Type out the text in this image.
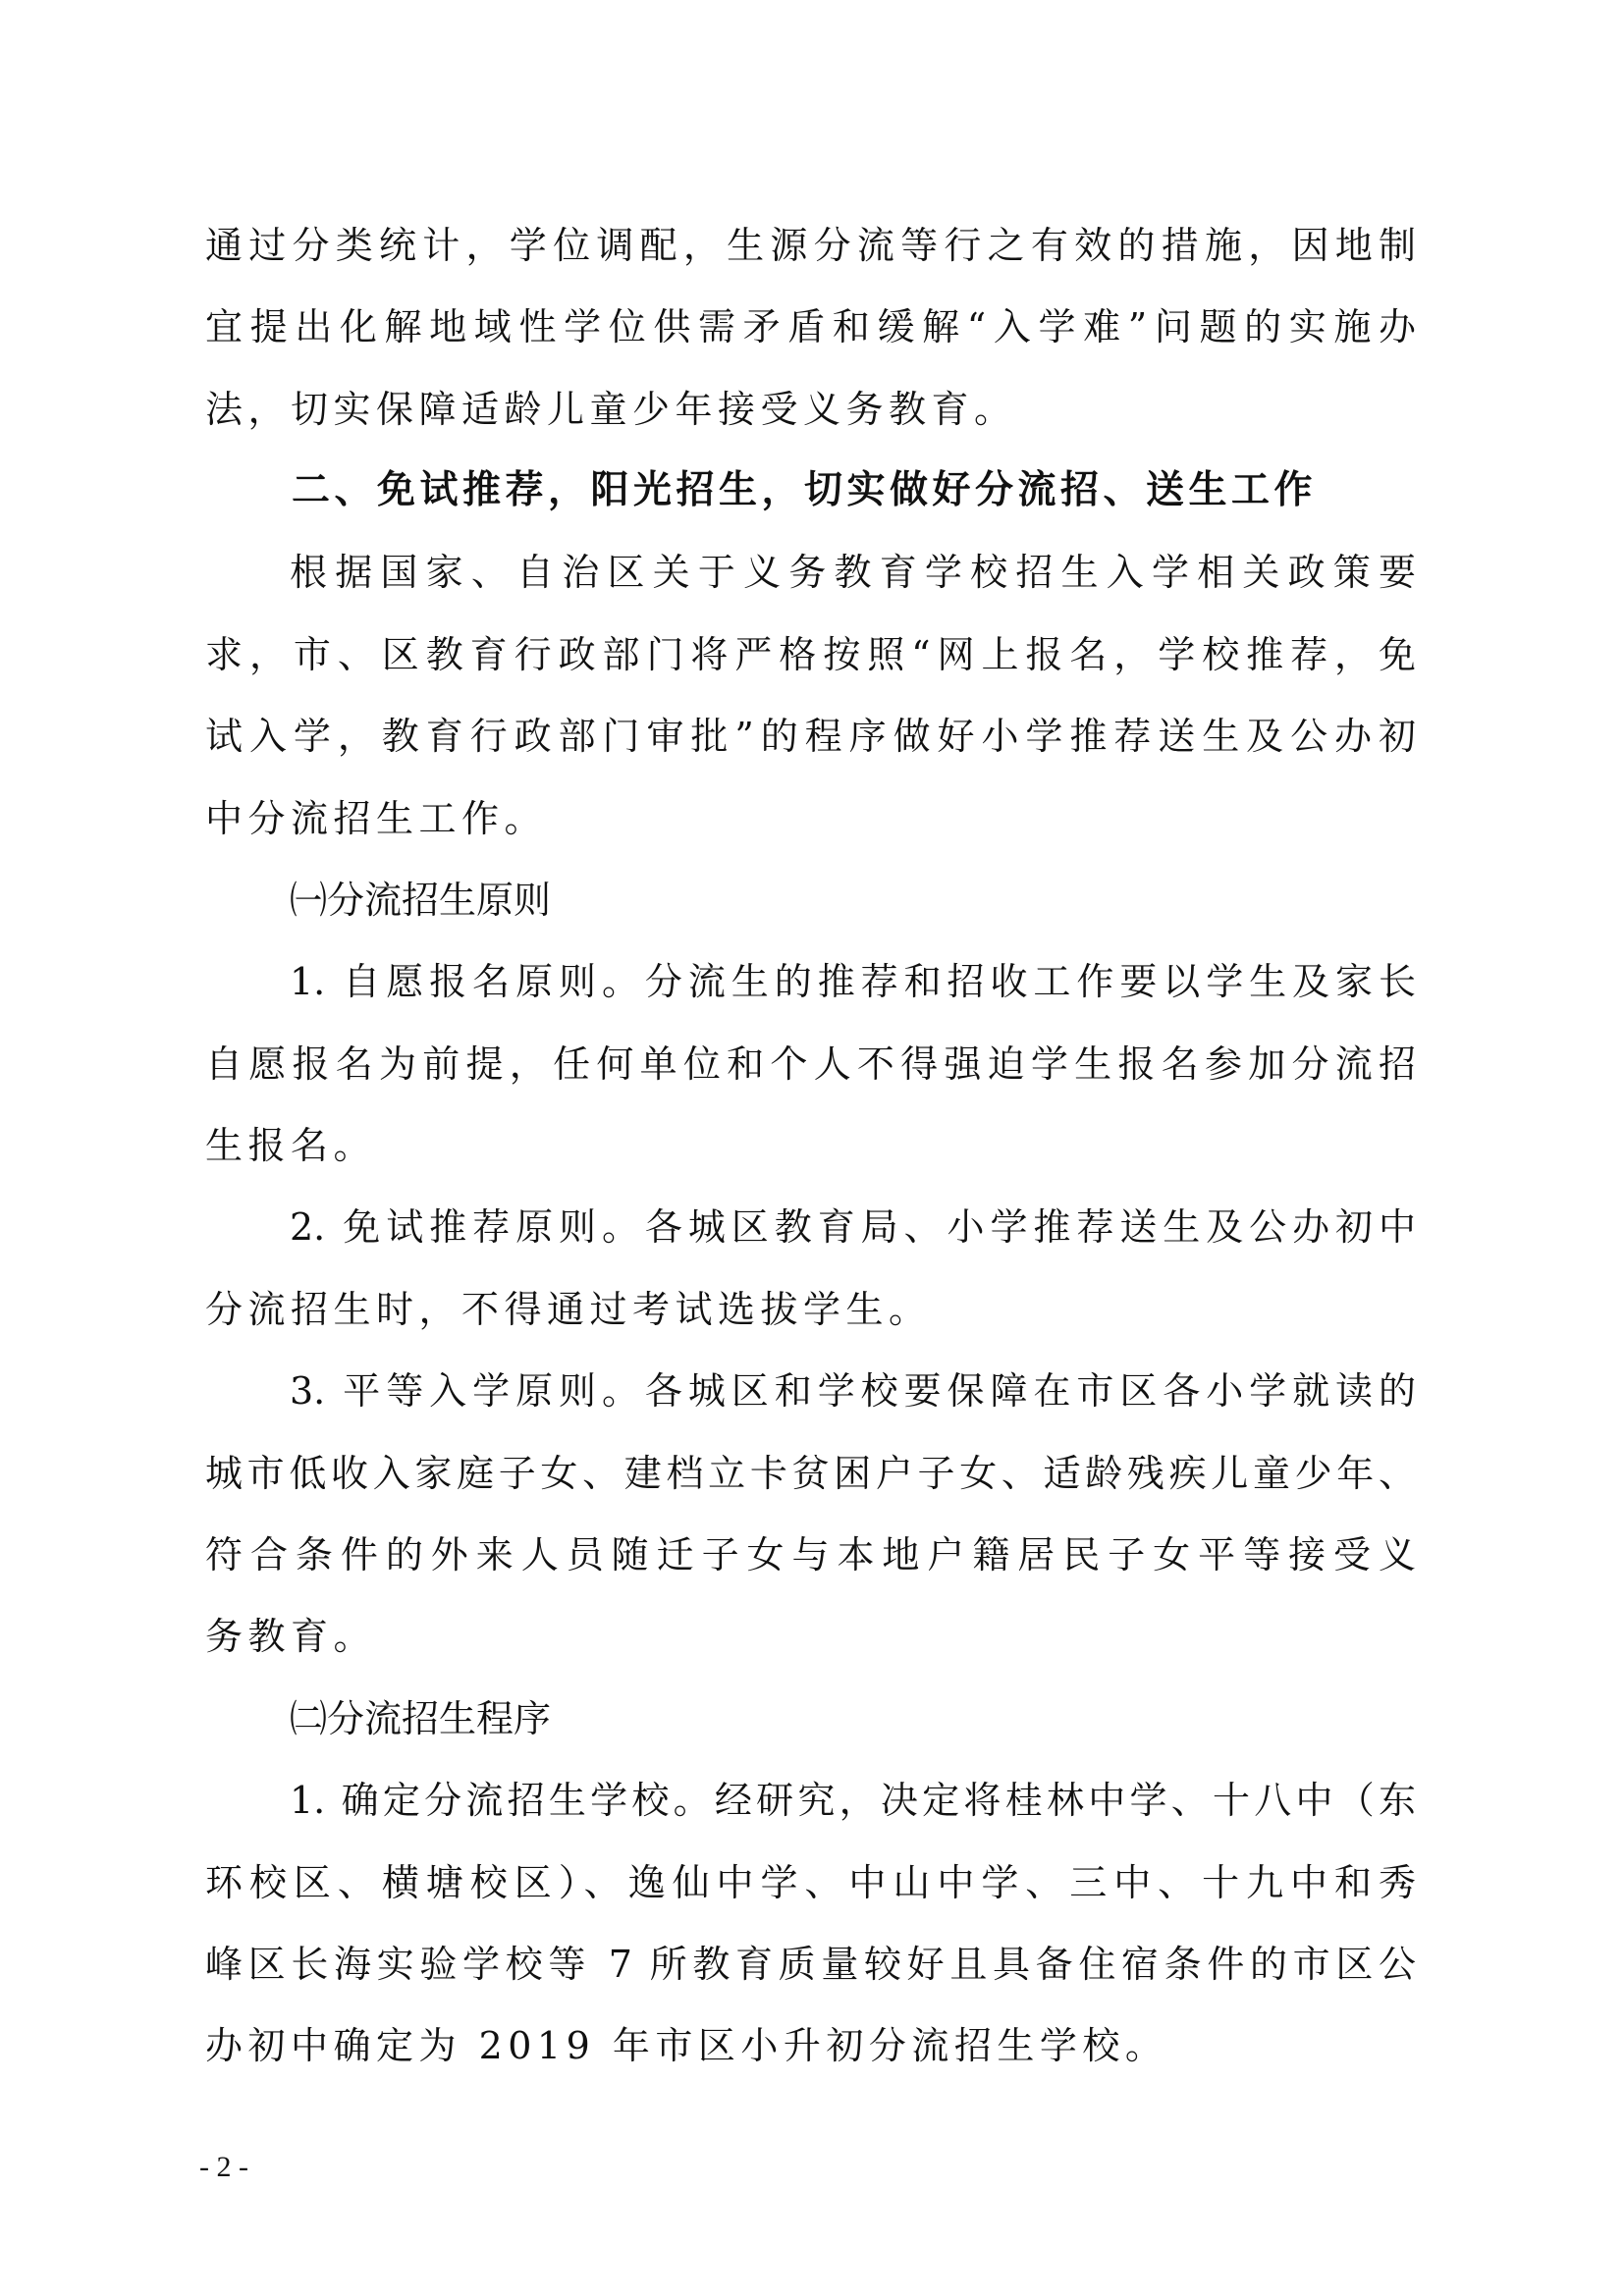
通过分类统计，学位调配，生源分流等行之有效的措施，因地制
宜提出化解地域性学位供需矛盾和缓解“入学难”问题的实施办
法，切实保障适龄儿童少年接受义务教育。
二、免试推荐，阳光招生，切实做好分流招、送生工作
根据国家、自治区关于义务教育学校招生入学相关政策要
求，市、区教育行政部门将严格按照“网上报名，学校推荐，免
试入学，教育行政部门审批”的程序做好小学推荐送生及公办初
中分流招生工作。
㈠分流招生原则
1. 自愿报名原则。分流生的推荐和招收工作要以学生及家长
自愿报名为前提，任何单位和个人不得强迫学生报名参加分流招
生报名。
2. 免试推荐原则。各城区教育局、小学推荐送生及公办初中
分流招生时，不得通过考试选拔学生。
3. 平等入学原则。各城区和学校要保障在市区各小学就读的
城市低收入家庭子女、建档立卡贫困户子女、适龄残疾儿童少年、
符合条件的外来人员随迁子女与本地户籍居民子女平等接受义
务教育。
㈡分流招生程序
1. 确定分流招生学校。经研究，决定将桂林中学、十八中（东
环校区、横塘校区）、逸仙中学、中山中学、三中、十九中和秀
峰区长海实验学校等 7 所教育质量较好且具备住宿条件的市区公
办初中确定为 2019 年市区小升初分流招生学校。
- 2 -
